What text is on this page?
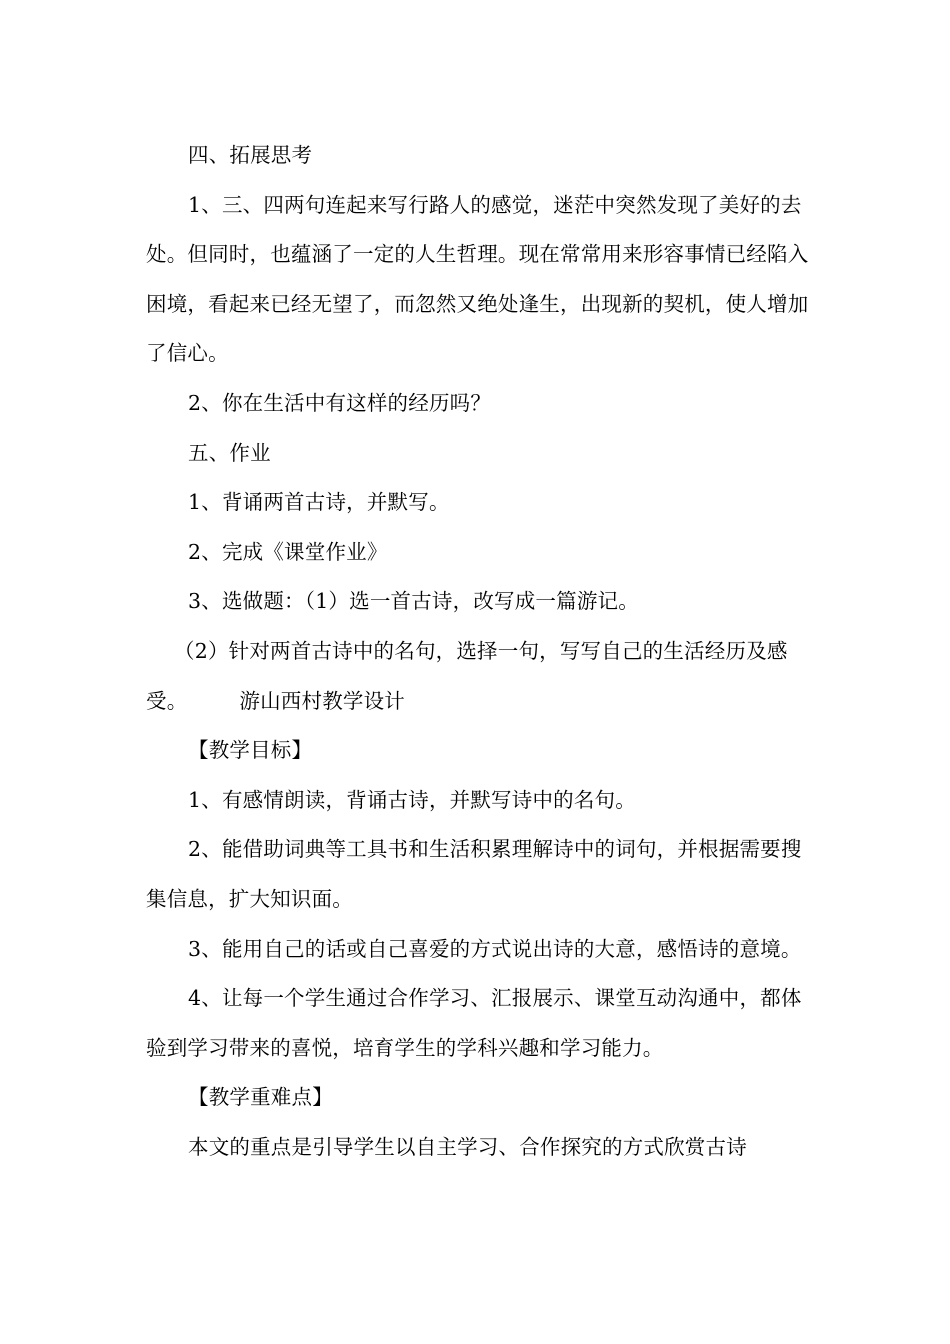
四、拓展思考

1、三、四两句连起来写行路人的感觉，迷茫中突然发现了美好的去处。但同时，也蕴涵了一定的人生哲理。现在常常用来形容事情已经陷入困境，看起来已经无望了，而忽然又绝处逢生，出现新的契机，使人增加了信心。

2、你在生活中有这样的经历吗？

五、作业

1、背诵两首古诗，并默写。

2、完成《课堂作业》

3、选做题：（1）选一首古诗，改写成一篇游记。

（2）针对两首古诗中的名句，选择一句，写写自己的生活经历及感受。	游山西村教学设计

【教学目标】

1、有感情朗读，背诵古诗，并默写诗中的名句。

2、能借助词典等工具书和生活积累理解诗中的词句，并根据需要搜集信息，扩大知识面。

3、能用自己的话或自己喜爱的方式说出诗的大意，感悟诗的意境。

4、让每一个学生通过合作学习、汇报展示、课堂互动沟通中，都体验到学习带来的喜悦，培育学生的学科兴趣和学习能力。

【教学重难点】

本文的重点是引导学生以自主学习、合作探究的方式欣赏古诗
